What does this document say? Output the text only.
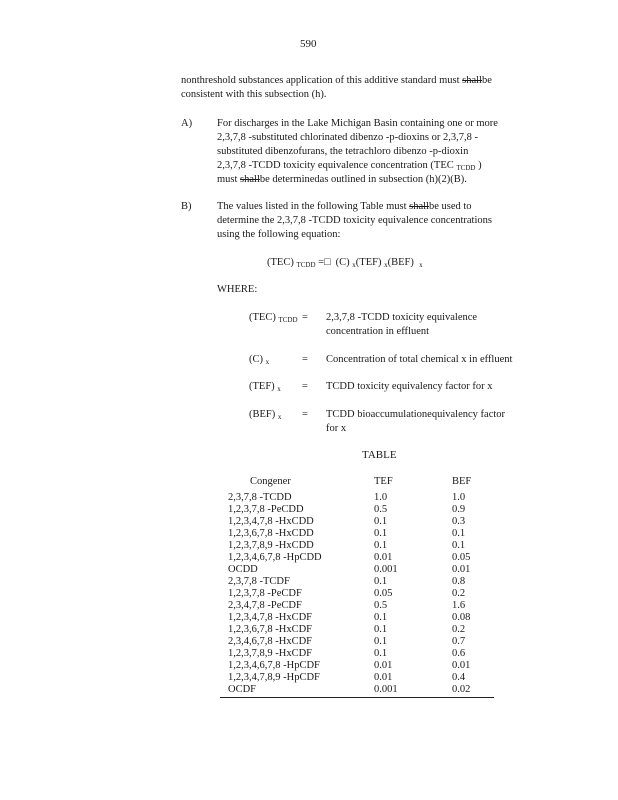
590
nonthreshold substances application of this additive standard must shallbe
consistent with this subsection (h).
A) For discharges in the Lake Michigan Basin containing one or more
2,3,7,8 -substituted chlorinated dibenzo -p-dioxins or 2,3,7,8 -
substituted dibenzofurans, the tetrachloro dibenzo -p-dioxin
2,3,7,8 -TCDD toxicity equivalence concentration (TEC TCDD )
must shallbe determinedas outlined in subsection (h)(2)(B).
B) The values listed in the following Table must shallbe used to
determine the 2,3,7,8 -TCDD toxicity equivalence concentrations
using the following equation:
(TEC) TCDD =□ (C) x(TEF) x(BEF) x
WHERE:
(TEC) TCDD = 2,3,7,8 -TCDD toxicity equivalence
concentration in effluent
(C) x	= Concentration of total chemical x in effluent
(TEF) x = TCDD toxicity equivalency factor for x
(BEF) x = TCDD bioaccumulationequivalency factor
for x
TABLE
Congener	TEF	BEF
2,3,7,8 -TCDD	1.0	1.0
1,2,3,7,8 -PeCDD	0.5	0.9
1,2,3,4,7,8 -HxCDD	0.1	0.3
1,2,3,6,7,8 -HxCDD	0.1	0.1
1,2,3,7,8,9 -HxCDD	0.1	0.1
1,2,3,4,6,7,8 -HpCDD	0.01	0.05
OCDD	0.001	0.01
2,3,7,8 -TCDF	0.1	0.8
1,2,3,7,8 -PeCDF	0.05	0.2
2,3,4,7,8 -PeCDF	0.5	1.6
1,2,3,4,7,8 -HxCDF	0.1	0.08
1,2,3,6,7,8 -HxCDF	0.1	0.2
2,3,4,6,7,8 -HxCDF	0.1	0.7
1,2,3,7,8,9 -HxCDF	0.1	0.6
1,2,3,4,6,7,8 -HpCDF	0.01	0.01
1,2,3,4,7,8,9 -HpCDF	0.01	0.4
OCDF	0.001	0.02
